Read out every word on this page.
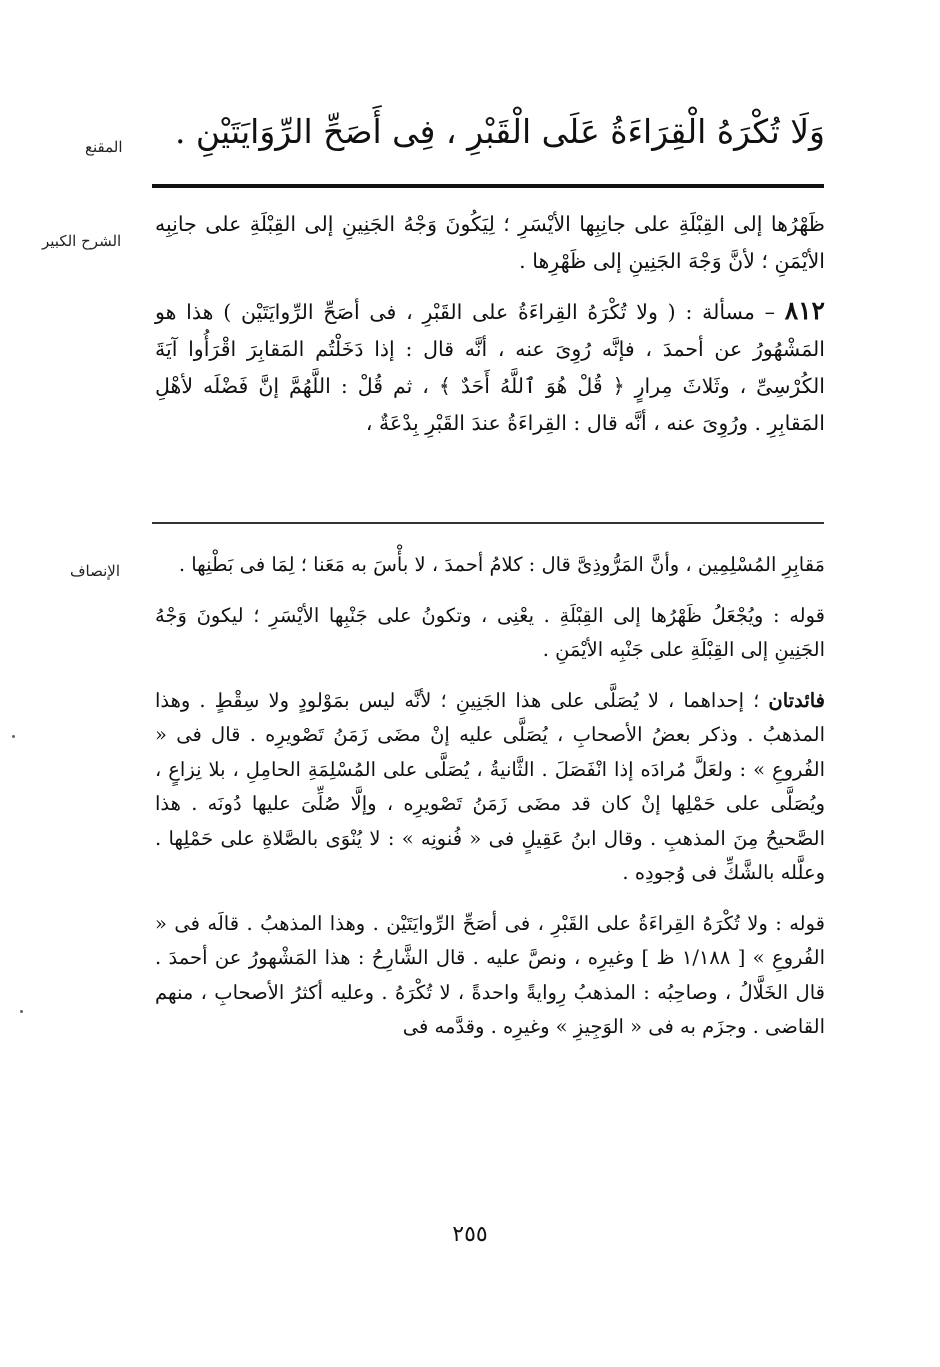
المقنع
الشرح الكبير
الإنصاف
وَلَا تُكْرَهُ الْقِرَاءَةُ عَلَى الْقَبْرِ ، فِى أَصَحِّ الرِّوَايَتَيْنِ .

ظَهْرُها إلى القِبْلَةِ على جانِبِها الأيْسَرِ ؛ لِيَكُونَ وَجْهُ الجَنِينِ إلى القِبْلَةِ على جانِبِه الأيْمَنِ ؛ لأنَّ وَجْهَ الجَنِينِ إلى ظَهْرِها .

٨١٢ – مسألة : ( ولا تُكْرَهُ القِراءَةُ على القَبْرِ ، فى أصَحِّ الرِّوايَتَيْن ) هذا هو المَشْهُورُ عن أحمدَ ، فإنَّه رُوِىَ عنه ، أنَّه قال : إذا دَخَلْتُم المَقابِرَ اقْرَأُوا آيَةَ الكُرْسِىِّ ، وثَلاثَ مِرارٍ ﴿ قُلْ هُوَ ٱللَّهُ أَحَدٌ ﴾ ، ثم قُلْ : اللَّهُمَّ إنَّ فَضْلَه لأهْلِ المَقابِرِ . ورُوِىَ عنه ، أنَّه قال : القِراءَةُ عندَ القَبْرِ بِدْعَةٌ ،

مَقابِرِ المُسْلِمِين ، وأنَّ المَرُّوذِىَّ قال : كلامُ أحمدَ ، لا بأْسَ به مَعَنا ؛ لِمَا فى بَطْنِها .

قوله : ويُجْعَلُ ظَهْرُها إلى القِبْلَةِ . يعْنِى ، وتكونُ على جَنْبِها الأيْسَرِ ؛ ليكونَ وَجْهُ الجَنِينِ إلى القِبْلَةِ على جَنْبِه الأيْمَنِ .

فائدتان ؛ إحداهما ، لا يُصَلَّى على هذا الجَنِينِ ؛ لأنَّه ليس بمَوْلودٍ ولا سِقْطٍ . وهذا المذهبُ . وذكر بعضُ الأصحابِ ، يُصَلَّى عليه إنْ مضَى زَمَنُ تَصْويرِه . قال فى « الفُروعِ » : ولعَلَّ مُرادَه إذا انْفَصَلَ . الثَّانيةُ ، يُصَلَّى على المُسْلِمَةِ الحامِلِ ، بلا نِزاعٍ ، ويُصَلَّى على حَمْلِها إنْ كان قد مضَى زَمَنُ تَصْويرِه ، وإلَّا صُلِّىَ عليها دُونَه . هذا الصَّحيحُ مِنَ المذهبِ . وقال ابنُ عَقِيلٍ فى « فُنونِه » : لا يُنْوَى بالصَّلاةِ على حَمْلِها . وعلَّله بالشَّكِّ فى وُجودِه .

قوله : ولا تُكْرَهُ القِراءَةُ على القَبْرِ ، فى أصَحِّ الرِّوايَتَيْن . وهذا المذهبُ . قالَه فى « الفُروعِ » [ ١/١٨٨ ظ ] وغيرِه ، ونصَّ عليه . قال الشَّارِحُ : هذا المَشْهورُ عن أحمدَ . قال الخَلَّالُ ، وصاحِبُه : المذهبُ رِوايةً واحدةً ، لا تُكْرَهُ . وعليه أكثرُ الأصحابِ ، منهم القاضى . وجزَم به فى « الوَجِيزِ » وغيرِه . وقدَّمه فى

٢٥٥
